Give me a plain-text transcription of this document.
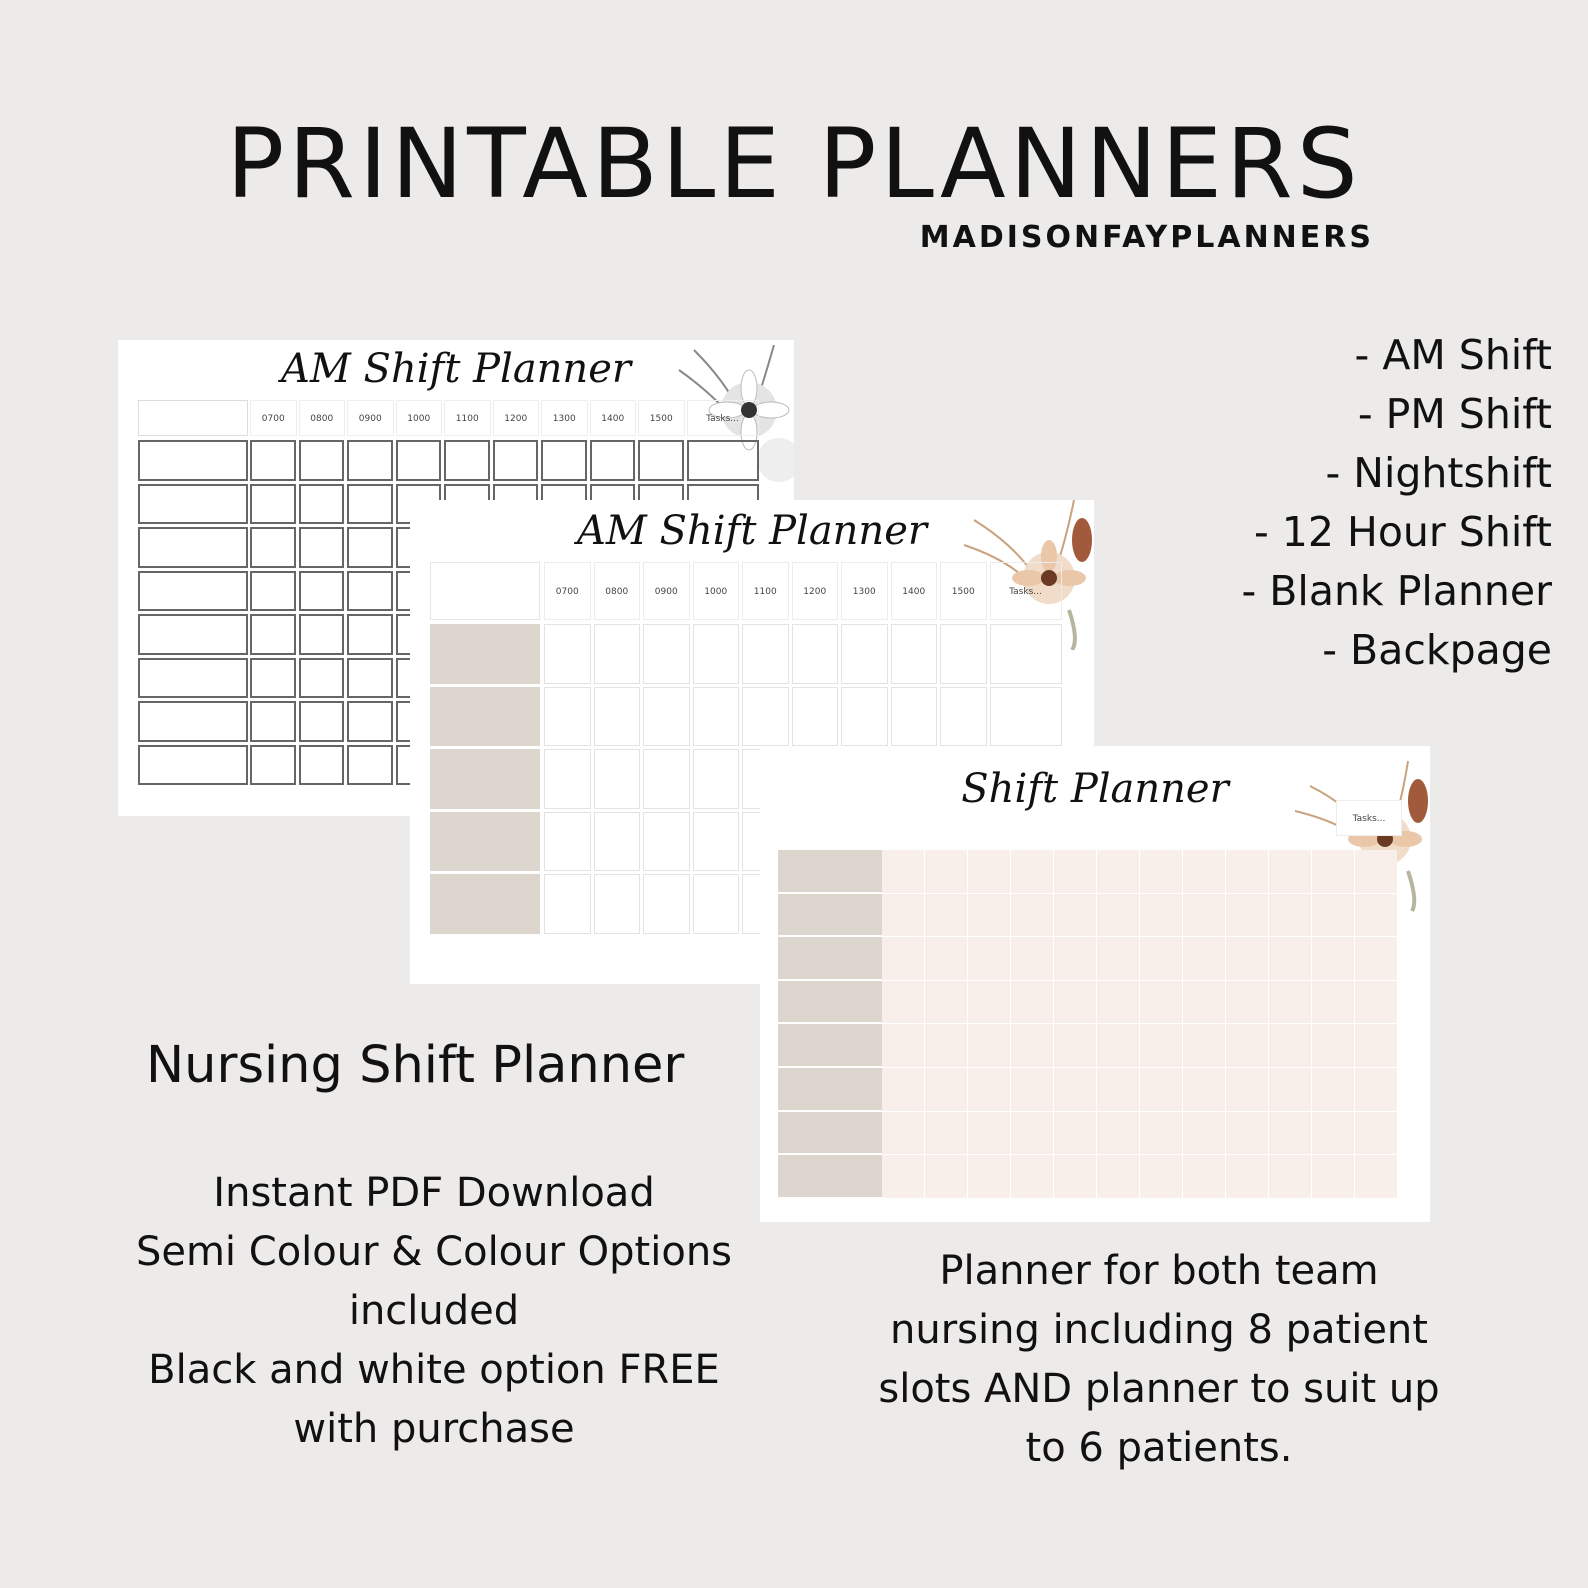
PRINTABLE PLANNERS
MADISONFAYPLANNERS
- AM Shift
- PM Shift
- Nightshift
- 12 Hour Shift
- Blank Planner
- Backpage
AM Shift Planner
0700	0800	0900	1000	1100	1200	1300	1400	1500	Tasks...
AM Shift Planner
0700	0800	0900	1000	1100	1200	1300	1400	1500	Tasks...
Shift Planner
Tasks...
Nursing Shift Planner
Instant PDF Download
Semi Colour & Colour Options
included
Black and white option FREE
with purchase
Planner for both team
nursing including 8 patient
slots AND planner to suit up
to 6 patients.
